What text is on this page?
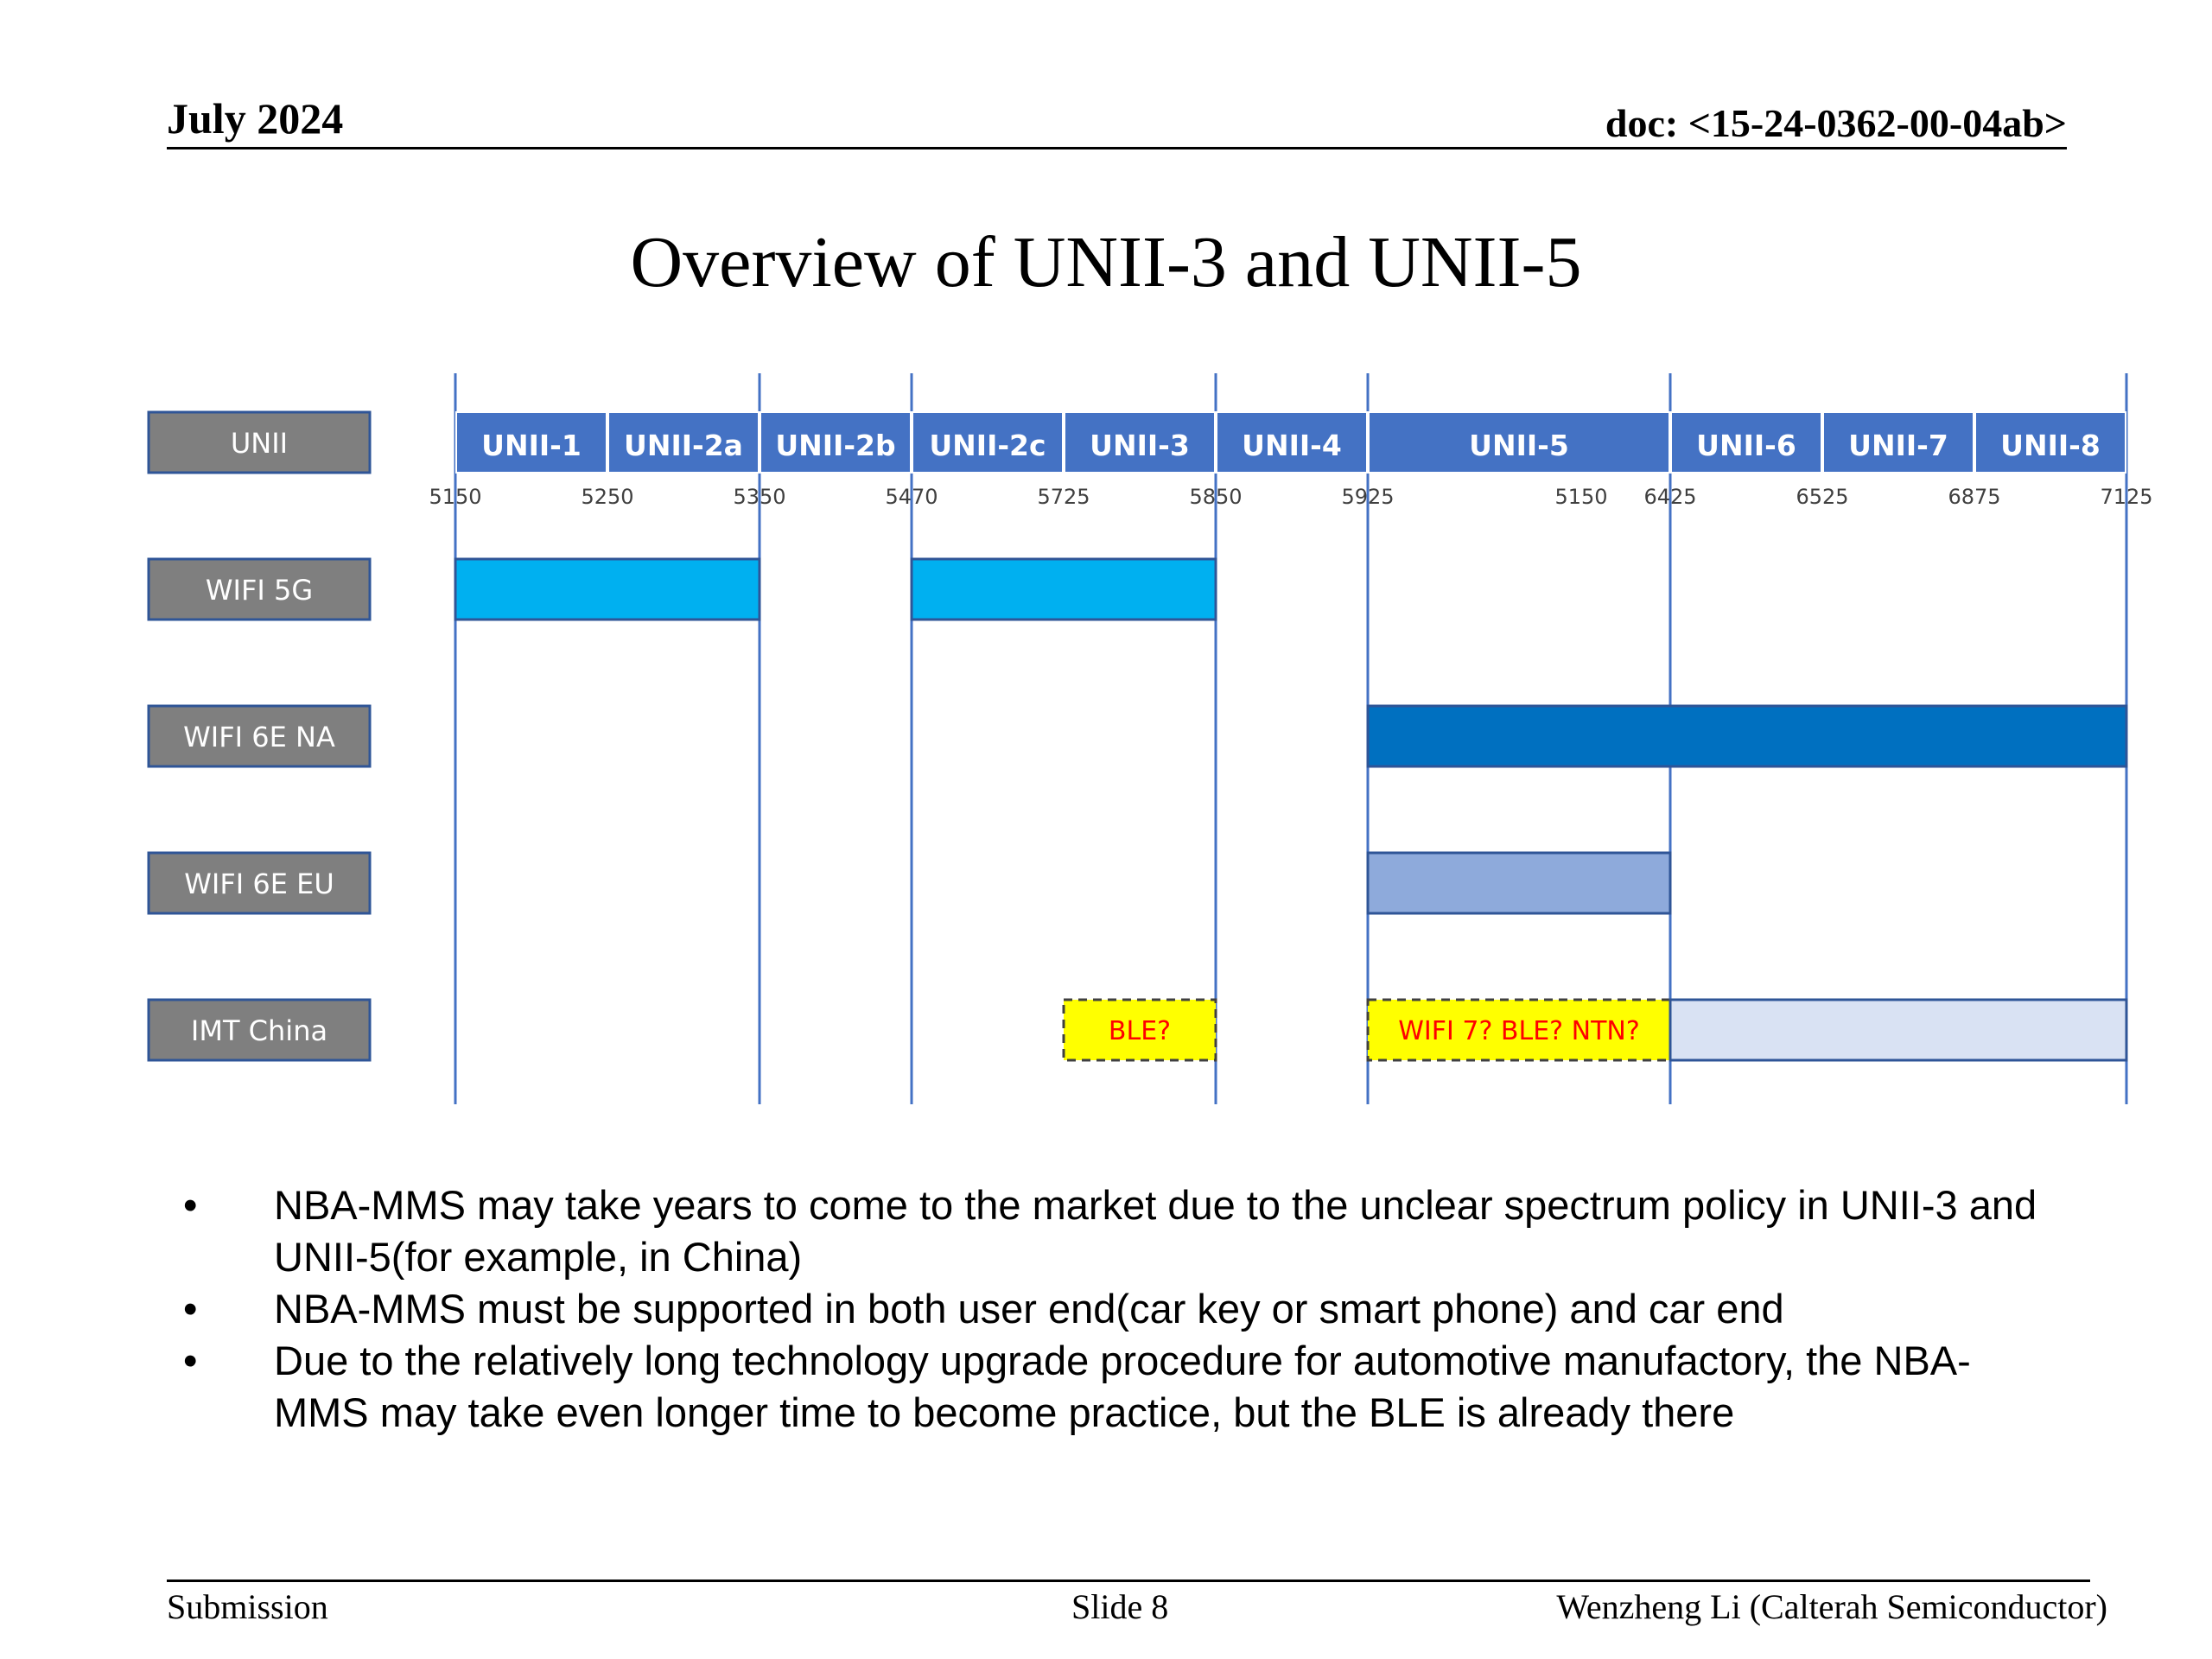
July 2024	doc: <15-24-0362-00-04ab>
Overview of UNII-3 and UNII-5
UNII
WIFI 5G
WIFI 6E NA
WIFI 6E EU
IMT China
UNII-1 UNII-2a UNII-2b UNII-2c UNII-3 UNII-4	UNII-5	UNII-6 UNII-7 UNII-8
5150	5250	5350	5470	5725	5850	5925	5150 6425	6525	6875	7125
BLE?	WIFI 7? BLE? NTN?
• NBA-MMS may take years to come to the market due to the unclear spectrum policy in UNII-3 and UNII-5(for example, in China)
• NBA-MMS must be supported in both user end(car key or smart phone) and car end
• Due to the relatively long technology upgrade procedure for automotive manufactory, the NBA-MMS may take even longer time to become practice, but the BLE is already there
Submission	Slide 8	Wenzheng Li (Calterah Semiconductor)
